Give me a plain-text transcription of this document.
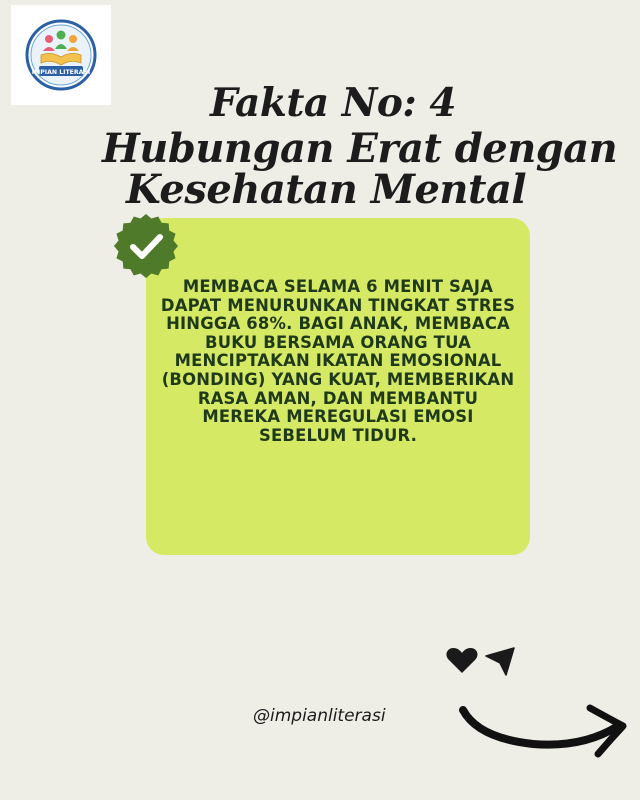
IMPIAN LITERASI
Fakta No: 4
Hubungan Erat dengan
Kesehatan Mental

MEMBACA SELAMA 6 MENIT SAJA DAPAT MENURUNKAN TINGKAT STRES HINGGA 68%. BAGI ANAK, MEMBACA BUKU BERSAMA ORANG TUA MENCIPTAKAN IKATAN EMOSIONAL (BONDING) YANG KUAT, MEMBERIKAN RASA AMAN, DAN MEMBANTU MEREKA MEREGULASI EMOSI SEBELUM TIDUR.

@impianliterasi
